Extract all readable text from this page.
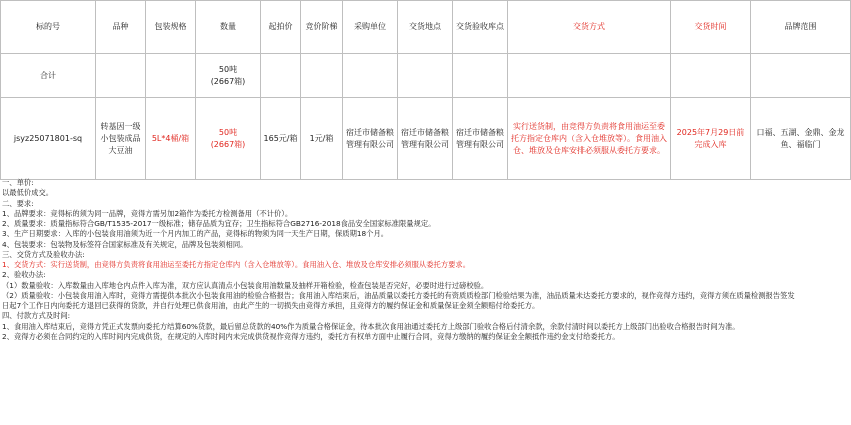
标的号	品种	包装规格	数量	起拍价	竞价阶梯	采购单位	交货地点	交货验收库点	交货方式	交货时间	品牌范围
合计			50吨
(2667箱)								

jsyz25071801-sq	转基因一级小包装成品大豆油	5L*4桶/箱	50吨
(2667箱)	165元/箱	1元/箱	宿迁市储备粮管理有限公司	宿迁市储备粮管理有限公司	宿迁市储备粮管理有限公司	实行送货制，由竞得方负责将食用油运至委托方指定仓库内（含入仓堆放等）。食用油入仓、堆放及仓库安排必须服从委托方要求。	2025年7月29日前完成入库	口福、五湖、金鼎、金龙鱼、福临门
一、单价:
以最低价成交。
二、要求:
1、品牌要求：竞得标的须为同一品牌，竞得方需另加2箱作为委托方检测备用（不计价）。
2、质量要求：质量指标符合GB/T1535-2017一级标准；储存品质为宜存；卫生指标符合GB2716-2018食品安全国家标准限量规定。
3、生产日期要求：入库的小包装食用油须为近一个月内加工的产品，竞得标的物须为同一天生产日期，保质期18个月。
4、包装要求：包装物及标签符合国家标准及有关规定，品牌及包装须相同。
三、交货方式及验收办法:
1、交货方式：实行送货制，由竞得方负责将食用油运至委托方指定仓库内（含入仓堆放等）。食用油入仓、堆放及仓库安排必须服从委托方要求。
2、验收办法:
（1）数量验收：入库数量由入库地仓内点件入库为准，双方应认真清点小包装食用油数量及抽样开箱检验，检查包装是否完好，必要时进行过磅校验。
（2）质量验收：小包装食用油入库时，竞得方需提供本批次小包装食用油的检验合格报告；食用油入库结束后，油品质量以委托方委托的有资质质检部门检验结果为准，油品质量未达委托方要求的，视作竞得方违约，竞得方须在质量检测报告签发日起7个工作日内向委托方退回已获得的货款，并自行处理已供食用油，由此产生的一切损失由竞得方承担，且竞得方的履约保证金和质量保证金须全额赔付给委托方。
四、付款方式及时间:
1、食用油入库结束后，竞得方凭正式发票向委托方结算60%货款，最后留总货款的40%作为质量合格保证金，待本批次食用油通过委托方上级部门验收合格后付清余款，余款付清时间以委托方上级部门出验收合格报告时间为准。
2、竞得方必须在合同约定的入库时间内完成供货，在规定的入库时间内未完成供货视作竞得方违约，委托方有权单方面中止履行合同，竞得方缴纳的履约保证金全额抵作违约金支付给委托方。
